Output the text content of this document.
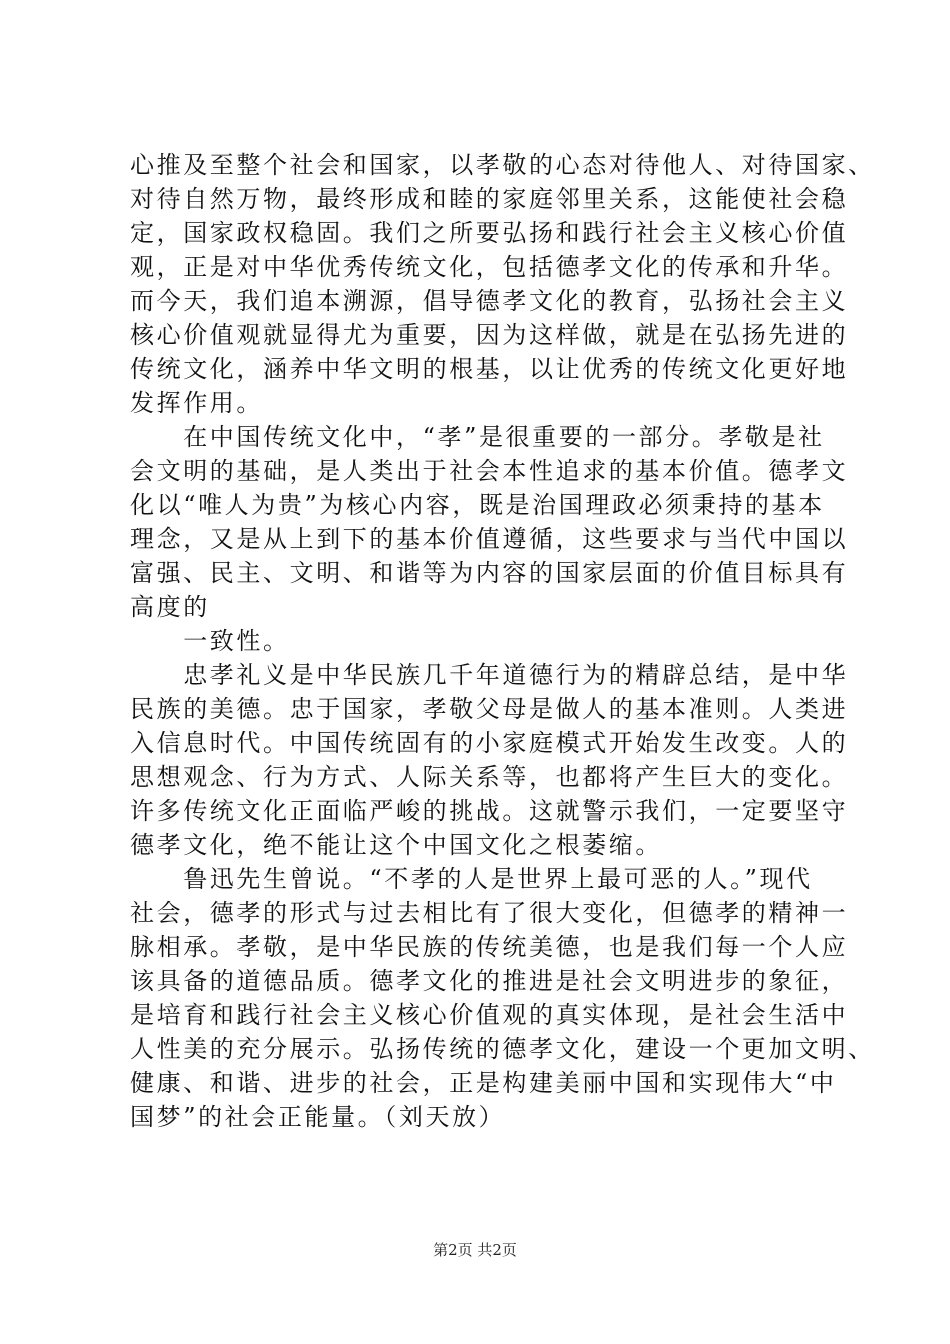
心推及至整个社会和国家，以孝敬的心态对待他人、对待国家、
对待自然万物，最终形成和睦的家庭邻里关系，这能使社会稳
定，国家政权稳固。我们之所要弘扬和践行社会主义核心价值
观，正是对中华优秀传统文化，包括德孝文化的传承和升华。
而今天，我们追本溯源，倡导德孝文化的教育，弘扬社会主义
核心价值观就显得尤为重要，因为这样做，就是在弘扬先进的
传统文化，涵养中华文明的根基，以让优秀的传统文化更好地
发挥作用。
　　在中国传统文化中，“孝”是很重要的一部分。孝敬是社
会文明的基础，是人类出于社会本性追求的基本价值。德孝文
化以“唯人为贵”为核心内容，既是治国理政必须秉持的基本
理念，又是从上到下的基本价值遵循，这些要求与当代中国以
富强、民主、文明、和谐等为内容的国家层面的价值目标具有
高度的
　　一致性。
　　忠孝礼义是中华民族几千年道德行为的精辟总结，是中华
民族的美德。忠于国家，孝敬父母是做人的基本准则。人类进
入信息时代。中国传统固有的小家庭模式开始发生改变。人的
思想观念、行为方式、人际关系等，也都将产生巨大的变化。
许多传统文化正面临严峻的挑战。这就警示我们，一定要坚守
德孝文化，绝不能让这个中国文化之根萎缩。
　　鲁迅先生曾说。“不孝的人是世界上最可恶的人。”现代
社会，德孝的形式与过去相比有了很大变化，但德孝的精神一
脉相承。孝敬，是中华民族的传统美德，也是我们每一个人应
该具备的道德品质。德孝文化的推进是社会文明进步的象征，
是培育和践行社会主义核心价值观的真实体现，是社会生活中
人性美的充分展示。弘扬传统的德孝文化，建设一个更加文明、
健康、和谐、进步的社会，正是构建美丽中国和实现伟大“中
国梦”的社会正能量。（刘天放）
第2页 共2页
